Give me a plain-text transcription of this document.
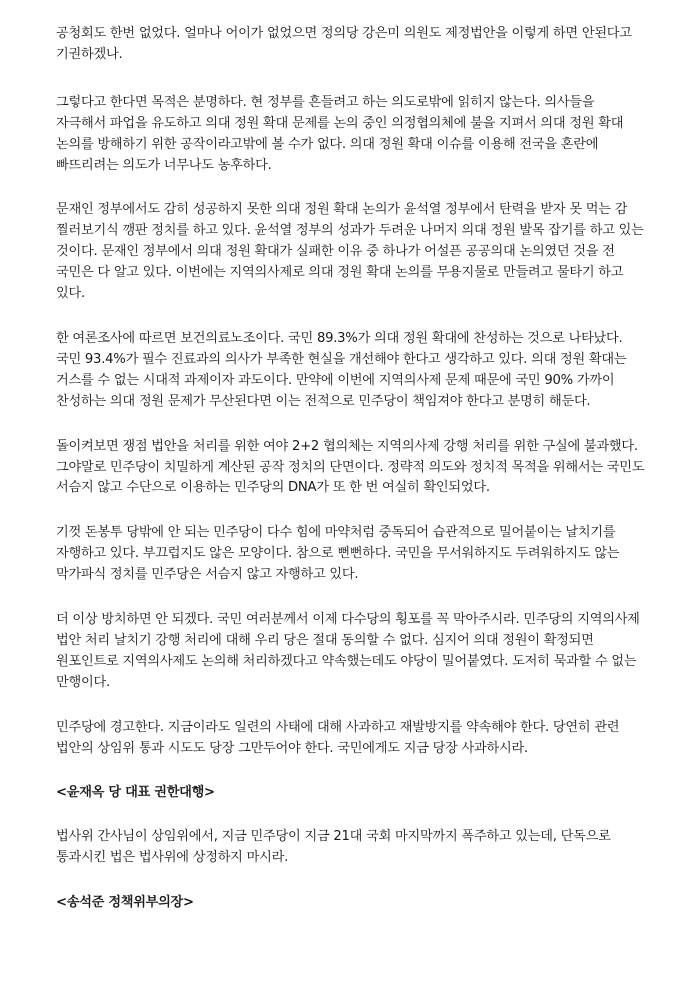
공청회도 한번 없었다. 얼마나 어이가 없었으면 정의당 강은미 의원도 제정법안을 이렇게 하면 안된다고 기권하겠나.

그렇다고 한다면 목적은 분명하다. 현 정부를 흔들려고 하는 의도로밖에 읽히지 않는다. 의사들을 자극해서 파업을 유도하고 의대 정원 확대 문제를 논의 중인 의정협의체에 불을 지펴서 의대 정원 확대 논의를 방해하기 위한 공작이라고밖에 볼 수가 없다. 의대 정원 확대 이슈를 이용해 전국을 혼란에 빠뜨리려는 의도가 너무나도 농후하다.

문재인 정부에서도 감히 성공하지 못한 의대 정원 확대 논의가 윤석열 정부에서 탄력을 받자 못 먹는 감 찔러보기식 깽판 정치를 하고 있다. 윤석열 정부의 성과가 두려운 나머지 의대 정원 발목 잡기를 하고 있는 것이다. 문재인 정부에서 의대 정원 확대가 실패한 이유 중 하나가 어설픈 공공의대 논의였던 것을 전 국민은 다 알고 있다. 이번에는 지역의사제로 의대 정원 확대 논의를 무용지물로 만들려고 물타기 하고 있다.

한 여론조사에 따르면 보건의료노조이다. 국민 89.3%가 의대 정원 확대에 찬성하는 것으로 나타났다. 국민 93.4%가 필수 진료과의 의사가 부족한 현실을 개선해야 한다고 생각하고 있다. 의대 정원 확대는 거스를 수 없는 시대적 과제이자 과도이다. 만약에 이번에 지역의사제 문제 때문에 국민 90% 가까이 찬성하는 의대 정원 문제가 무산된다면 이는 전적으로 민주당이 책임져야 한다고 분명히 해둔다.

돌이켜보면 쟁점 법안을 처리를 위한 여야 2+2 협의체는 지역의사제 강행 처리를 위한 구실에 불과했다. 그야말로 민주당이 치밀하게 계산된 공작 정치의 단면이다. 정략적 의도와 정치적 목적을 위해서는 국민도 서슴지 않고 수단으로 이용하는 민주당의 DNA가 또 한 번 여실히 확인되었다.

기껏 돈봉투 당밖에 안 되는 민주당이 다수 힘에 마약처럼 중독되어 습관적으로 밀어붙이는 날치기를 자행하고 있다. 부끄럽지도 않은 모양이다. 참으로 뻔뻔하다. 국민을 무서워하지도 두려워하지도 않는 막가파식 정치를 민주당은 서슴지 않고 자행하고 있다.

더 이상 방치하면 안 되겠다. 국민 여러분께서 이제 다수당의 횡포를 꼭 막아주시라. 민주당의 지역의사제 법안 처리 날치기 강행 처리에 대해 우리 당은 절대 동의할 수 없다. 심지어 의대 정원이 확정되면 원포인트로 지역의사제도 논의해 처리하겠다고 약속했는데도 야당이 밀어붙였다. 도저히 묵과할 수 없는 만행이다.

민주당에 경고한다. 지금이라도 일련의 사태에 대해 사과하고 재발방지를 약속해야 한다. 당연히 관련 법안의 상임위 통과 시도도 당장 그만두어야 한다. 국민에게도 지금 당장 사과하시라.

<윤재옥 당 대표 권한대행>

법사위 간사님이 상임위에서, 지금 민주당이 지금 21대 국회 마지막까지 폭주하고 있는데, 단독으로 통과시킨 법은 법사위에 상정하지 마시라.

<송석준 정책위부의장>
